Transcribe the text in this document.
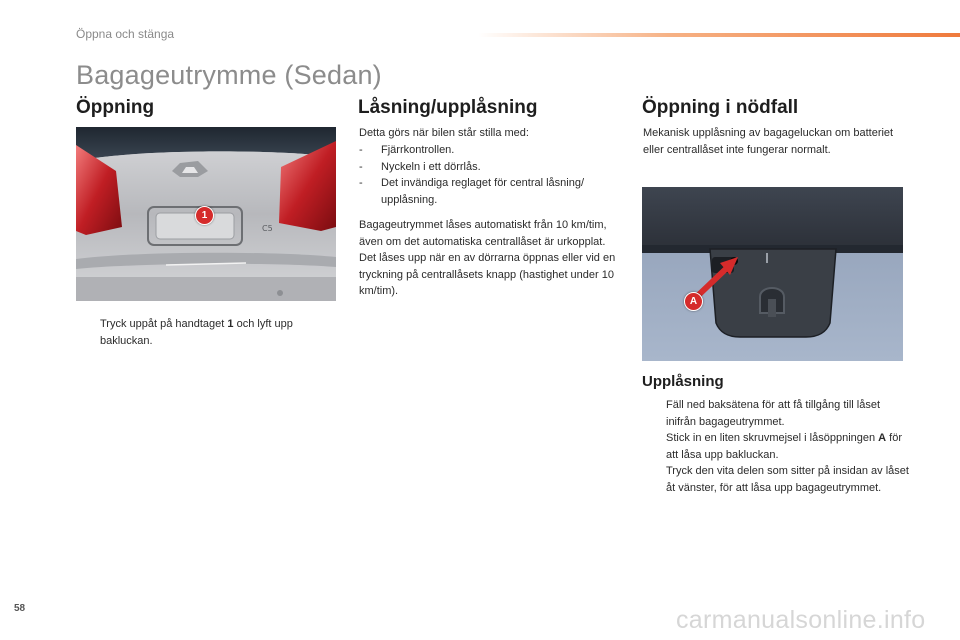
Öppna och stänga
Bagageutrymme (Sedan)
Öppning
C5
1
Tryck uppåt på handtaget 1 och lyft upp bakluckan.
Låsning/upplåsning
Detta görs när bilen står stilla med:
-	Fjärrkontrollen.
-	Nyckeln i ett dörrlås.
-	Det invändiga reglaget för central låsning/ upplåsning.
Bagageutrymmet låses automatiskt från 10 km/tim, även om det automatiska centrallåset är urkopplat. Det låses upp när en av dörrarna öppnas eller vid en tryckning på centrallåsets knapp (hastighet under 10 km/tim).
Öppning i nödfall
Mekanisk upplåsning av bagageluckan om batteriet eller centrallåset inte fungerar normalt.
A
Upplåsning
Fäll ned baksätena för att få tillgång till låset inifrån bagageutrymmet.
Stick in en liten skruvmejsel i låsöppningen A för att låsa upp bakluckan.
Tryck den vita delen som sitter på insidan av låset åt vänster, för att låsa upp bagageutrymmet.
58	carmanualsonline.info
